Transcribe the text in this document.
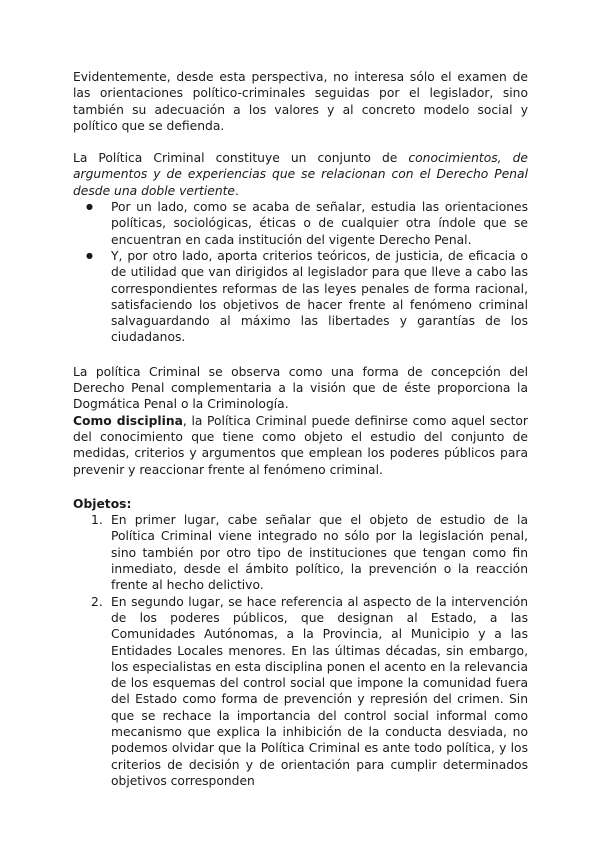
Evidentemente, desde esta perspectiva, no interesa sólo el examen de las orientaciones político-criminales seguidas por el legislador, sino también su adecuación a los valores y al concreto modelo social y político que se defienda.

La Política Criminal constituye un conjunto de conocimientos, de argumentos y de experiencias que se relacionan con el Derecho Penal desde una doble vertiente.

● Por un lado, como se acaba de señalar, estudia las orientaciones políticas, sociológicas, éticas o de cualquier otra índole que se encuentran en cada institución del vigente Derecho Penal.
● Y, por otro lado, aporta criterios teóricos, de justicia, de eficacia o de utilidad que van dirigidos al legislador para que lleve a cabo las correspondientes reformas de las leyes penales de forma racional, satisfaciendo los objetivos de hacer frente al fenómeno criminal salvaguardando al máximo las libertades y garantías de los ciudadanos.

La política Criminal se observa como una forma de concepción del Derecho Penal complementaria a la visión que de éste proporciona la Dogmática Penal o la Criminología.

Como disciplina, la Política Criminal puede definirse como aquel sector del conocimiento que tiene como objeto el estudio del conjunto de medidas, criterios y argumentos que emplean los poderes públicos para prevenir y reaccionar frente al fenómeno criminal.

Objetos:

1. En primer lugar, cabe señalar que el objeto de estudio de la Política Criminal viene integrado no sólo por la legislación penal, sino también por otro tipo de instituciones que tengan como fin inmediato, desde el ámbito político, la prevención o la reacción frente al hecho delictivo.
2. En segundo lugar, se hace referencia al aspecto de la intervención de los poderes públicos, que designan al Estado, a las Comunidades Autónomas, a la Provincia, al Municipio y a las Entidades Locales menores. En las últimas décadas, sin embargo, los especialistas en esta disciplina ponen el acento en la relevancia de los esquemas del control social que impone la comunidad fuera del Estado como forma de prevención y represión del crimen. Sin que se rechace la importancia del control social informal como mecanismo que explica la inhibición de la conducta desviada, no podemos olvidar que la Política Criminal es ante todo política, y los criterios de decisión y de orientación para cumplir determinados objetivos corresponden
